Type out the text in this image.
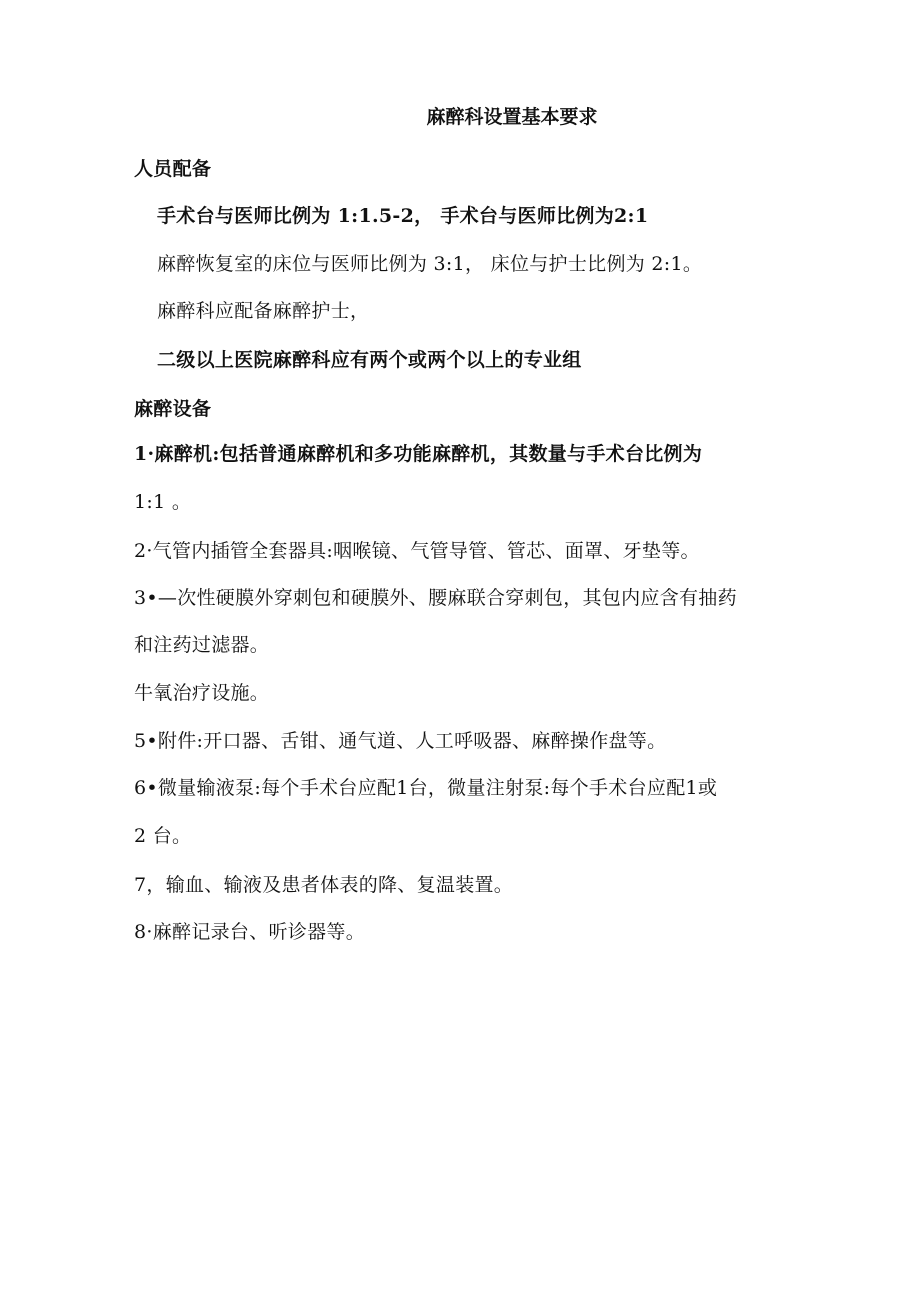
麻醉科设置基本要求
人员配备
手术台与医师比例为 1:1.5-2， 手术台与医师比例为2:1
麻醉恢复室的床位与医师比例为 3:1， 床位与护士比例为 2:1。
麻醉科应配备麻醉护士，
二级以上医院麻醉科应有两个或两个以上的专业组
麻醉设备
1·麻醉机:包括普通麻醉机和多功能麻醉机，其数量与手术台比例为
1:1 。
2·气管内插管全套器具:咽喉镜、气管导管、管芯、面罩、牙垫等。
3•—次性硬膜外穿刺包和硬膜外、腰麻联合穿刺包，其包内应含有抽药
和注药过滤器。
牛氧治疗设施。
5•附件:开口器、舌钳、通气道、人工呼吸器、麻醉操作盘等。
6•微量输液泵:每个手术台应配1台，微量注射泵:每个手术台应配1或
2 台。
7，输血、输液及患者体表的降、复温装置。
8·麻醉记录台、听诊器等。
